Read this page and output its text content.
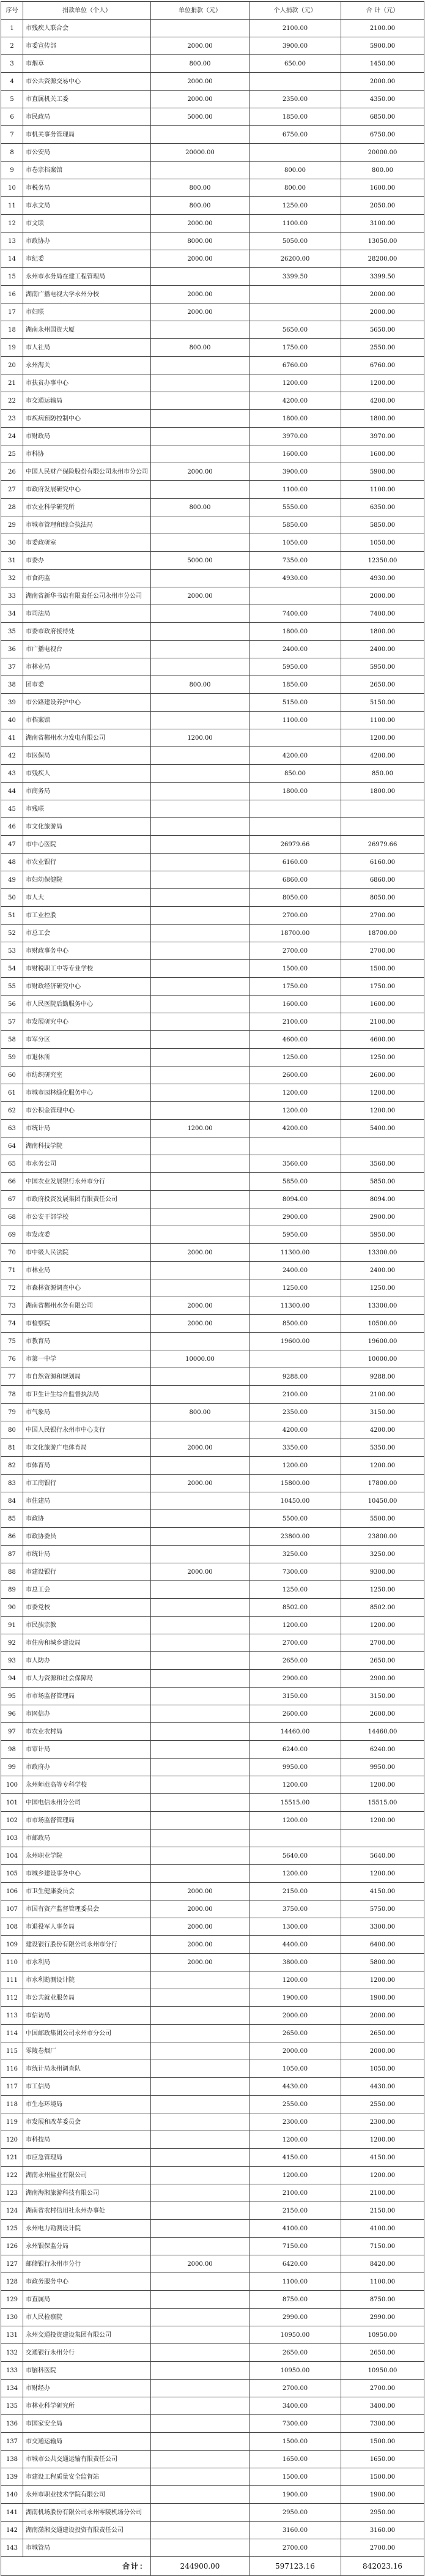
序号	捐款单位（个人）	单位捐款（元）	个人捐款（元）	合 计（元）
1	市残疾人联合会		2100.00	2100.00
2	市委宣传部	2000.00	3900.00	5900.00
3	市烟草	800.00	650.00	1450.00
4	市公共资源交易中心	2000.00		2000.00
5	市直属机关工委	2000.00	2350.00	4350.00
6	市民政局	5000.00	1850.00	6850.00
7	市机关事务管理局		6750.00	6750.00
8	市公安局	20000.00		20000.00
9	市卷宗档案馆		800.00	800.00
10	市税务局	800.00	800.00	1600.00
11	市水文局	800.00	1250.00	2050.00
12	市文联	2000.00	1100.00	3100.00
13	市政协办	8000.00	5050.00	13050.00
14	市纪委	2000.00	26200.00	28200.00
15	永州市水务局在建工程管理局		3399.50	3399.50
16	湖南广播电视大学永州分校	2000.00		2000.00
17	市妇联	2000.00		2000.00
18	湖南永州国资大厦		5650.00	5650.00
19	市人社局	800.00	1750.00	2550.00
20	永州海关		6760.00	6760.00
21	市扶贫办事中心		1200.00	1200.00
22	市交通运输局		4200.00	4200.00
23	市疾病预防控制中心		1800.00	1800.00
24	市财政局		3970.00	3970.00
25	市科协		1600.00	1600.00
26	中国人民财产保险股份有限公司永州市分公司	2000.00	3900.00	5900.00
27	市政府发展研究中心		1100.00	1100.00
28	市农业科学研究所	800.00	5550.00	6350.00
29	市城市管理和综合执法局		5850.00	5850.00
30	市委政研室		1050.00	1050.00
31	市委办	5000.00	7350.00	12350.00
32	市食药监		4930.00	4930.00
33	湖南省新华书店有限责任公司永州市分公司	2000.00		2000.00
34	市司法局		7400.00	7400.00
35	市委市政府接待处		1800.00	1800.00
36	市广播电视台		2400.00	2400.00
37	市林业局		5950.00	5950.00
38	团市委	800.00	1850.00	2650.00
39	市公路建设养护中心		5150.00	5150.00
40	市档案馆		1100.00	1100.00
41	湖南省郴州水力发电有限公司	1200.00		1200.00
42	市医保局		4200.00	4200.00
43	市残疾人		850.00	850.00
44	市商务局		1800.00	1800.00
45	市残联			
46	市文化旅游局			
47	市中心医院		26979.66	26979.66
48	市农业银行		6160.00	6160.00
49	市妇幼保健院		6860.00	6860.00
50	市人大		8050.00	8050.00
51	市工业控股		2700.00	2700.00
52	市总工会		18700.00	18700.00
53	市财政事务中心		2700.00	2700.00
54	市财税职工中等专业学校		1500.00	1500.00
55	市财政经济研究中心		1750.00	1750.00
56	市人民医院后勤服务中心		1600.00	1600.00
57	市发展研究中心		2100.00	2100.00
58	市军分区		4600.00	4600.00
59	市退休所		1250.00	1250.00
60	市纺织研究室		2600.00	2600.00
61	市城市园林绿化服务中心		1200.00	1200.00
62	市公积金管理中心		1200.00	1200.00
63	市统计局	1200.00	4200.00	5400.00
64	湖南科技学院			
65	市水务公司		3560.00	3560.00
66	中国农业发展银行永州市分行		5850.00	5850.00
67	市政府投资发展集团有限责任公司		8094.00	8094.00
68	市公安干部学校		2900.00	2900.00
69	市发改委		5950.00	5950.00
70	市中级人民法院	2000.00	11300.00	13300.00
71	市林业局		2400.00	2400.00
72	市森林资源调查中心		1250.00	1250.00
73	湖南省郴州水务有限公司	2000.00	11300.00	13300.00
74	市检察院	2000.00	8500.00	10500.00
75	市教育局		19600.00	19600.00
76	市第一中学	10000.00		10000.00
77	市自然资源和规划局		9288.00	9288.00
78	市卫生计生综合监督执法局		2100.00	2100.00
79	市气象局	800.00	2350.00	3150.00
80	中国人民银行永州市中心支行		4200.00	4200.00
81	市文化旅游广电体育局	2000.00	3350.00	5350.00
82	市体育局		1200.00	1200.00
83	市工商银行	2000.00	15800.00	17800.00
84	市住建局		10450.00	10450.00
85	市政协		5500.00	5500.00
86	市政协委员		23800.00	23800.00
87	市统计局		3250.00	3250.00
88	市建设银行	2000.00	7300.00	9300.00
89	市总工会		1250.00	1250.00
90	市委党校		8502.00	8502.00
91	市民族宗教		1200.00	1200.00
92	市住房和城乡建设局		2700.00	2700.00
93	市人防办		2650.00	2650.00
94	市人力资源和社会保障局		2900.00	2900.00
95	市市场监督管理局		3150.00	3150.00
96	市网信办		2600.00	2600.00
97	市农业农村局		14460.00	14460.00
98	市审计局		6240.00	6240.00
99	市政府办		9950.00	9950.00
100	永州师范高等专科学校		1200.00	1200.00
101	中国电信永州分公司		15515.00	15515.00
102	市市场监督管理局		1200.00	1200.00
103	市邮政局			
104	永州职业学院		5640.00	5640.00
105	市城乡建设事务中心		1200.00	1200.00
106	市卫生健康委员会	2000.00	2150.00	4150.00
107	市国有资产监督管理委员会	2000.00	3750.00	5750.00
108	市退役军人事务局	2000.00	1300.00	3300.00
109	建设银行股份有限公司永州市分行	2000.00	4400.00	6400.00
110	市水利局	2000.00	3800.00	5800.00
111	市水利勘测设计院		1200.00	1200.00
112	市公共就业服务局		1900.00	1900.00
113	市信访局		2000.00	2000.00
114	中国邮政集团公司永州市分公司		2650.00	2650.00
115	零陵卷烟厂		2000.00	2000.00
116	市统计局永州调查队		1050.00	1050.00
117	市工信局		4430.00	4430.00
118	市生态环境局		2550.00	2550.00
119	市发展和改革委员会		2300.00	2300.00
120	市科技局		1200.00	1200.00
121	市应急管理局		4150.00	4150.00
122	湖南永州盐业有限公司		1200.00	1200.00
123	湖南海湘旅游科技有限公司		2100.00	2100.00
124	湖南省农村信用社永州办事处		2150.00	2150.00
125	永州电力勘测设计院		4100.00	4100.00
126	永州银保监分局		7150.00	7150.00
127	邮储银行永州市分行	2000.00	6420.00	8420.00
128	市政务服务中心		1100.00	1100.00
129	市直属局		8750.00	8750.00
130	市人民检察院		2990.00	2990.00
131	永州交通投资建设集团有限公司		10950.00	10950.00
132	交通银行永州分行		2650.00	2650.00
133	市脑科医院		10950.00	10950.00
134	市财经办		2700.00	2700.00
135	市林业科学研究所		3400.00	3400.00
136	市国家安全局		7300.00	7300.00
137	市交通运输局		1500.00	1500.00
138	市城市公共交通运输有限责任公司		1650.00	1650.00
139	市建设工程质量安全监督站		1500.00	1500.00
140	永州市职业技术学院有限公司		1900.00	1900.00
141	湖南机场股份有限公司永州零陵机场分公司		2950.00	2950.00
142	湖南潇湘交通建设投资有限责任公司		3160.00	3160.00
143	市城管局		2700.00	2700.00
合计：		244900.00	597123.16	842023.16
